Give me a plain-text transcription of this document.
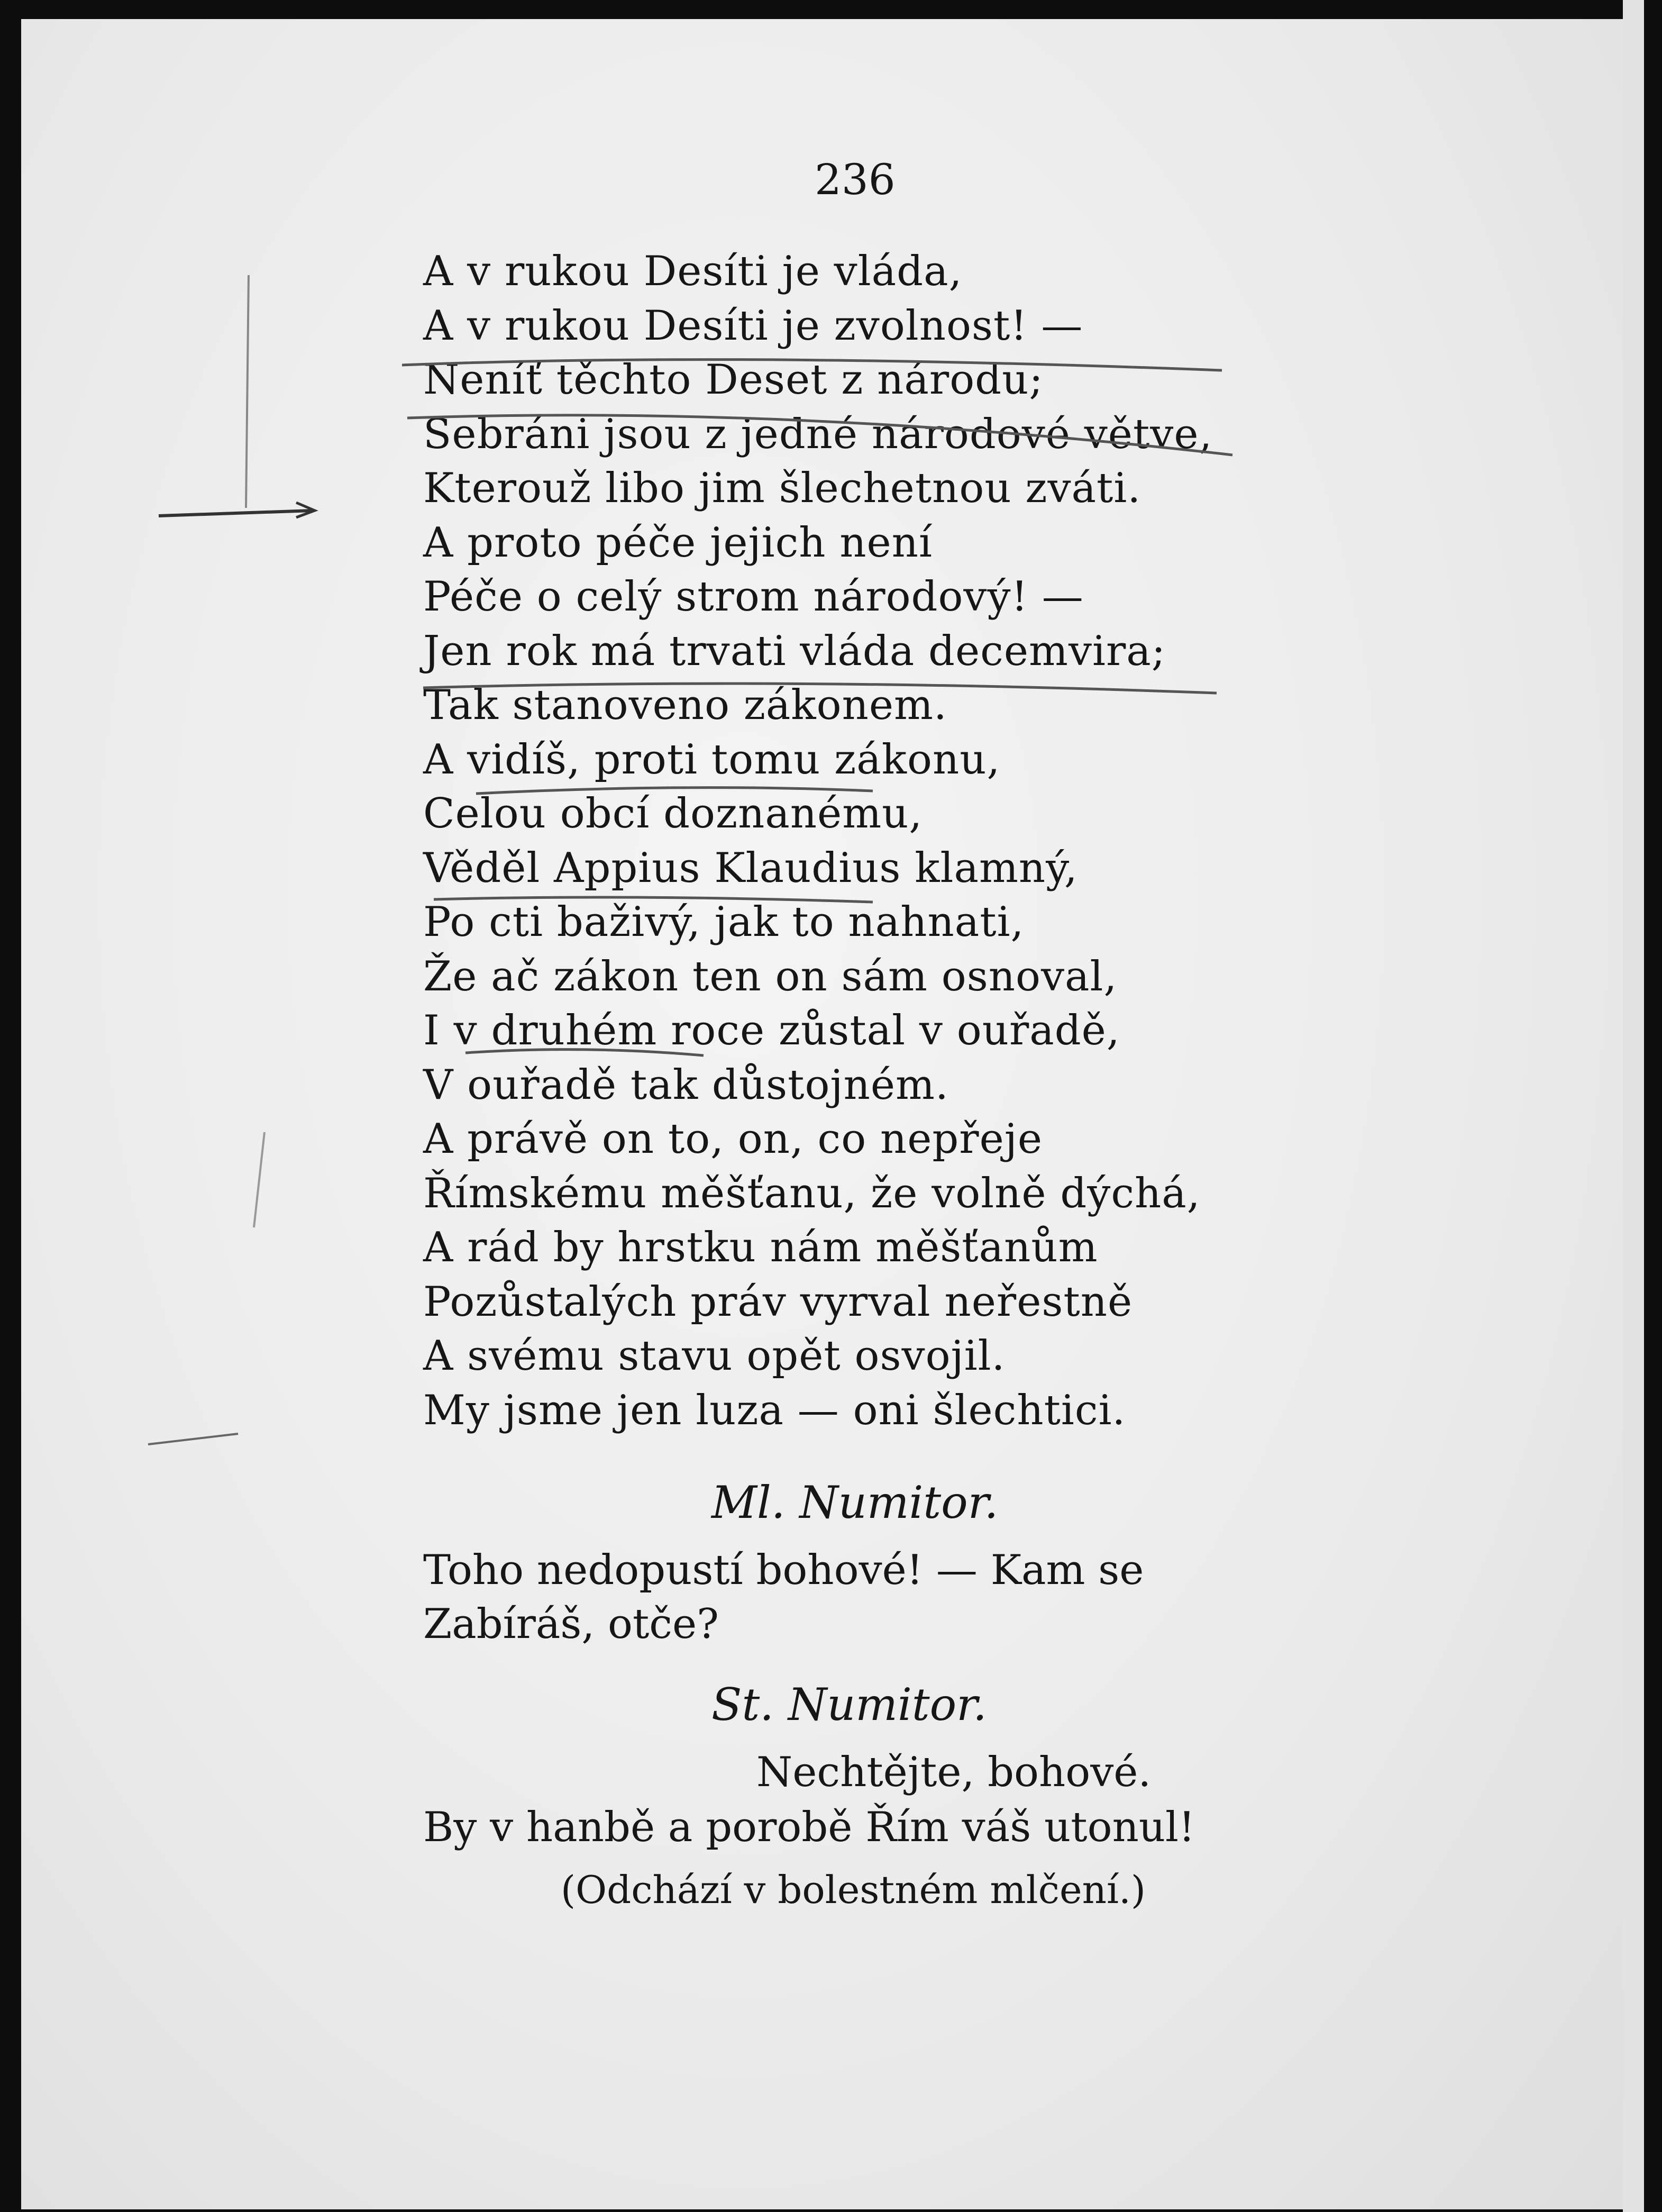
236
A v rukou Desíti je vláda,
A v rukou Desíti je zvolnost! —
Neníť těchto Deset z národu;
Sebráni jsou z jedné národové větve,
Kterouž libo jim šlechetnou zváti.
A proto péče jejich není
Péče o celý strom národový! —
Jen rok má trvati vláda decemvira;
Tak stanoveno zákonem.
A vidíš, proti tomu zákonu,
Celou obcí doznanému,
Věděl Appius Klaudius klamný,
Po cti baživý, jak to nahnati,
Že ač zákon ten on sám osnoval,
I v druhém roce zůstal v ouřadě,
V ouřadě tak důstojném.
A právě on to, on, co nepřeje
Římskému měšťanu, že volně dýchá,
A rád by hrstku nám měšťanům
Pozůstalých práv vyrval neřestně
A svému stavu opět osvojil.
My jsme jen luza — oni šlechtici.
Ml. Numitor.
Toho nedopustí bohové! — Kam se
Zabíráš, otče?
St. Numitor.
Nechtějte, bohové.
By v hanbě a porobě Řím váš utonul!
(Odchází v bolestném mlčení.)
